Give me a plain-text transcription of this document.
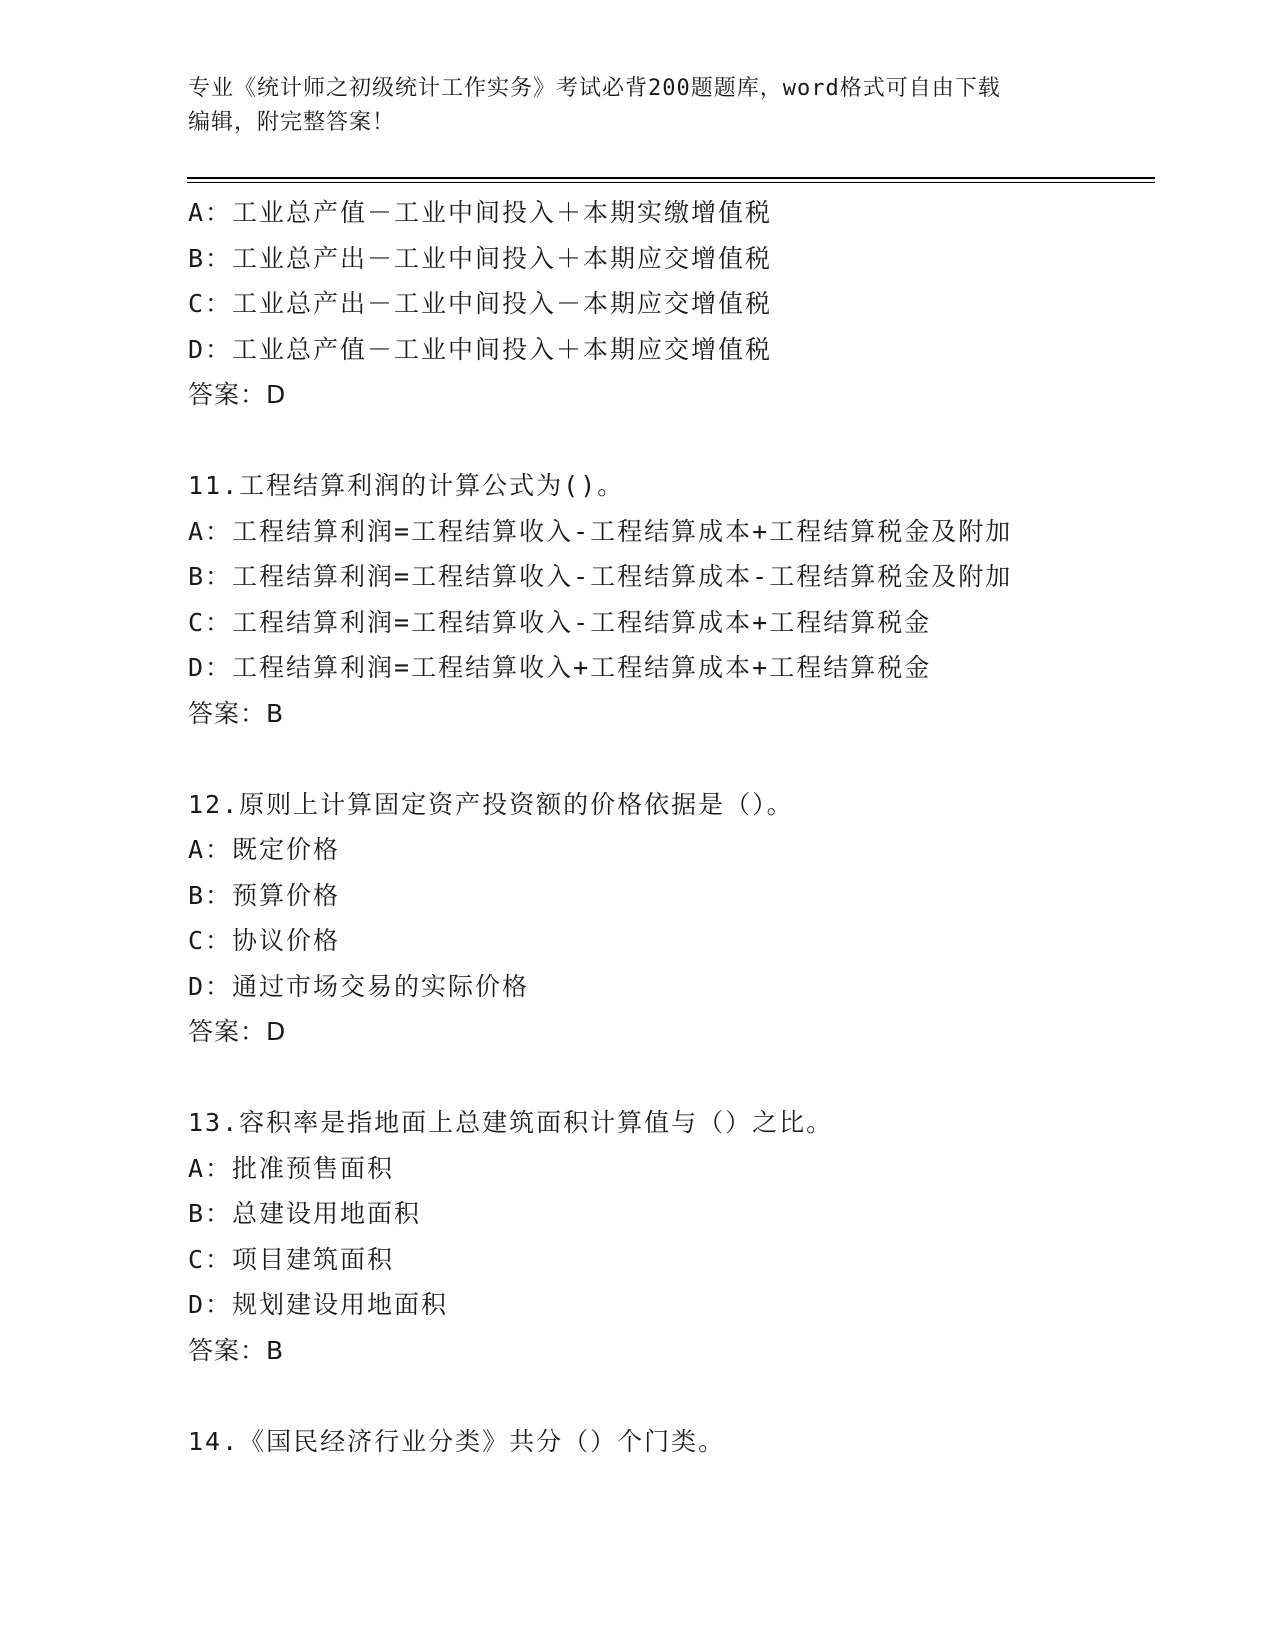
专业《统计师之初级统计工作实务》考试必背200题题库，word格式可自由下载
编辑，附完整答案！
A：工业总产值－工业中间投入＋本期实缴增值税
B：工业总产出－工业中间投入＋本期应交增值税
C：工业总产出－工业中间投入－本期应交增值税
D：工业总产值－工业中间投入＋本期应交增值税
答案：D
11.工程结算利润的计算公式为()。
A：工程结算利润=工程结算收入-工程结算成本+工程结算税金及附加
B：工程结算利润=工程结算收入-工程结算成本-工程结算税金及附加
C：工程结算利润=工程结算收入-工程结算成本+工程结算税金
D：工程结算利润=工程结算收入+工程结算成本+工程结算税金
答案：B
12.原则上计算固定资产投资额的价格依据是（）。
A：既定价格
B：预算价格
C：协议价格
D：通过市场交易的实际价格
答案：D
13.容积率是指地面上总建筑面积计算值与（）之比。
A：批准预售面积
B：总建设用地面积
C：项目建筑面积
D：规划建设用地面积
答案：B
14.《国民经济行业分类》共分（）个门类。
